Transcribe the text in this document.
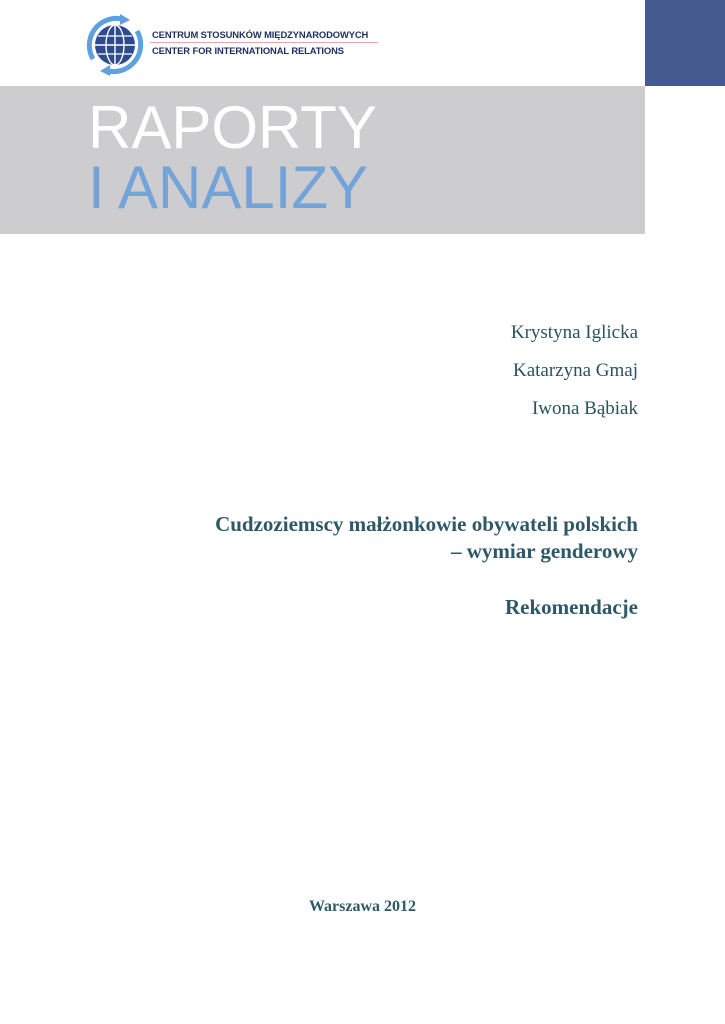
CENTRUM STOSUNKÓW MIĘDZYNARODOWYCH
CENTER FOR INTERNATIONAL RELATIONS
RAPORTY
I ANALIZY
Krystyna Iglicka
Katarzyna Gmaj
Iwona Bąbiak
Cudzoziemscy małżonkowie obywateli polskich
– wymiar genderowy
Rekomendacje
Warszawa 2012
